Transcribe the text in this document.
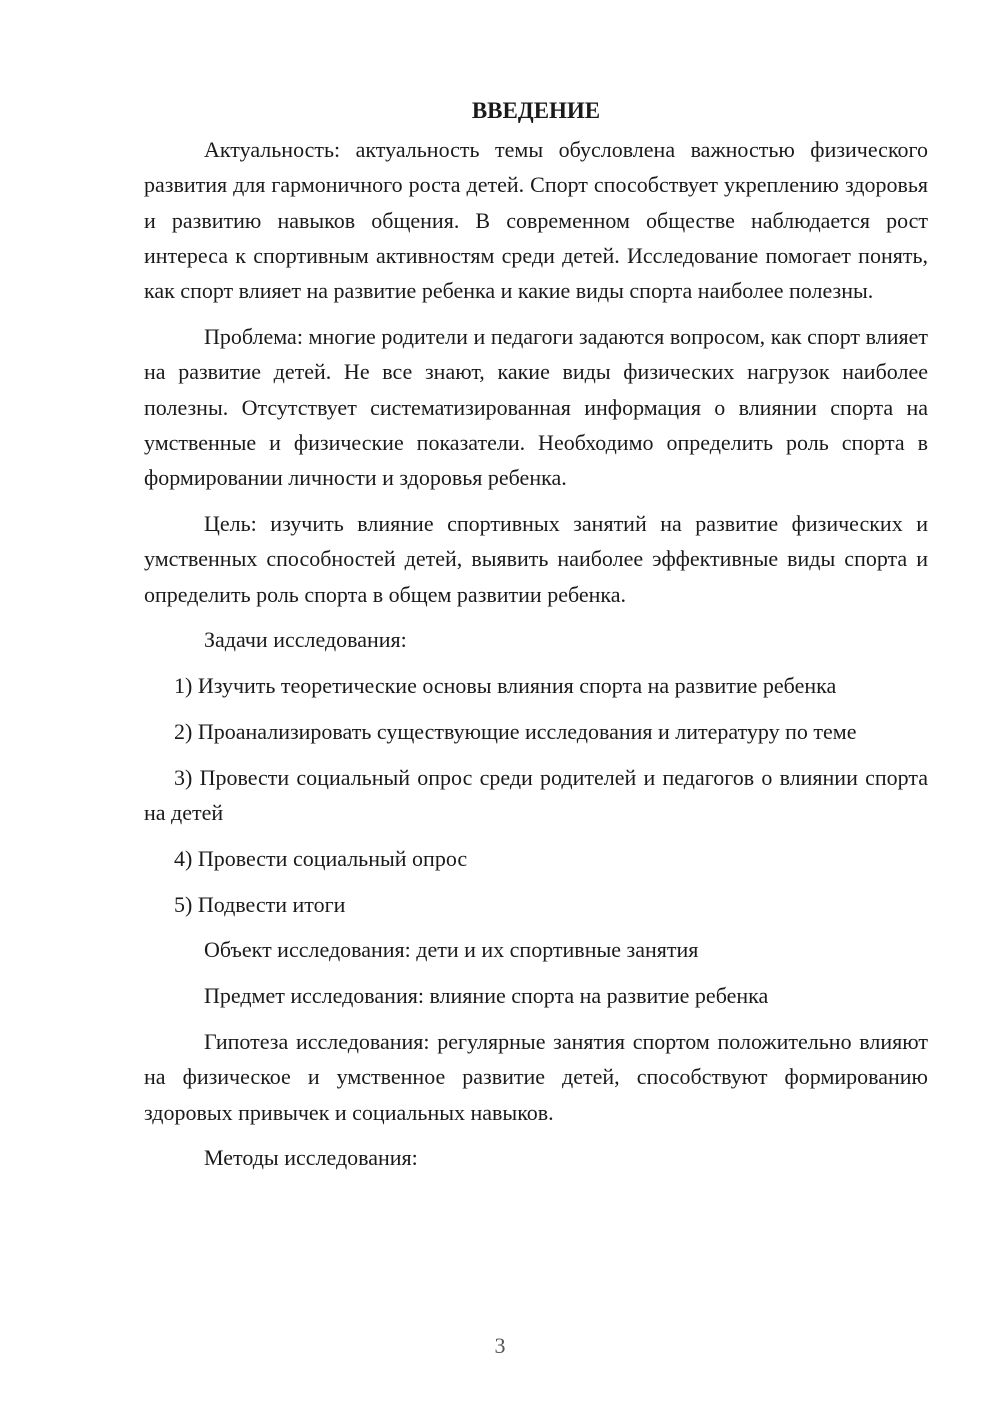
ВВЕДЕНИЕ

Актуальность: актуальность темы обусловлена важностью физического развития для гармоничного роста детей. Спорт способствует укреплению здоровья и развитию навыков общения. В современном обществе наблюдается рост интереса к спортивным активностям среди детей. Исследование помогает понять, как спорт влияет на развитие ребенка и какие виды спорта наиболее полезны.

Проблема: многие родители и педагоги задаются вопросом, как спорт влияет на развитие детей. Не все знают, какие виды физических нагрузок наиболее полезны. Отсутствует систематизированная информация о влиянии спорта на умственные и физические показатели. Необходимо определить роль спорта в формировании личности и здоровья ребенка.

Цель: изучить влияние спортивных занятий на развитие физических и умственных способностей детей, выявить наиболее эффективные виды спорта и определить роль спорта в общем развитии ребенка.

Задачи исследования:

1) Изучить теоретические основы влияния спорта на развитие ребенка

2) Проанализировать существующие исследования и литературу по теме

3) Провести социальный опрос среди родителей и педагогов о влиянии спорта на детей

4) Провести социальный опрос

5) Подвести итоги

Объект исследования: дети и их спортивные занятия

Предмет исследования: влияние спорта на развитие ребенка

Гипотеза исследования: регулярные занятия спортом положительно влияют на физическое и умственное развитие детей, способствуют формированию здоровых привычек и социальных навыков.

Методы исследования:

3
